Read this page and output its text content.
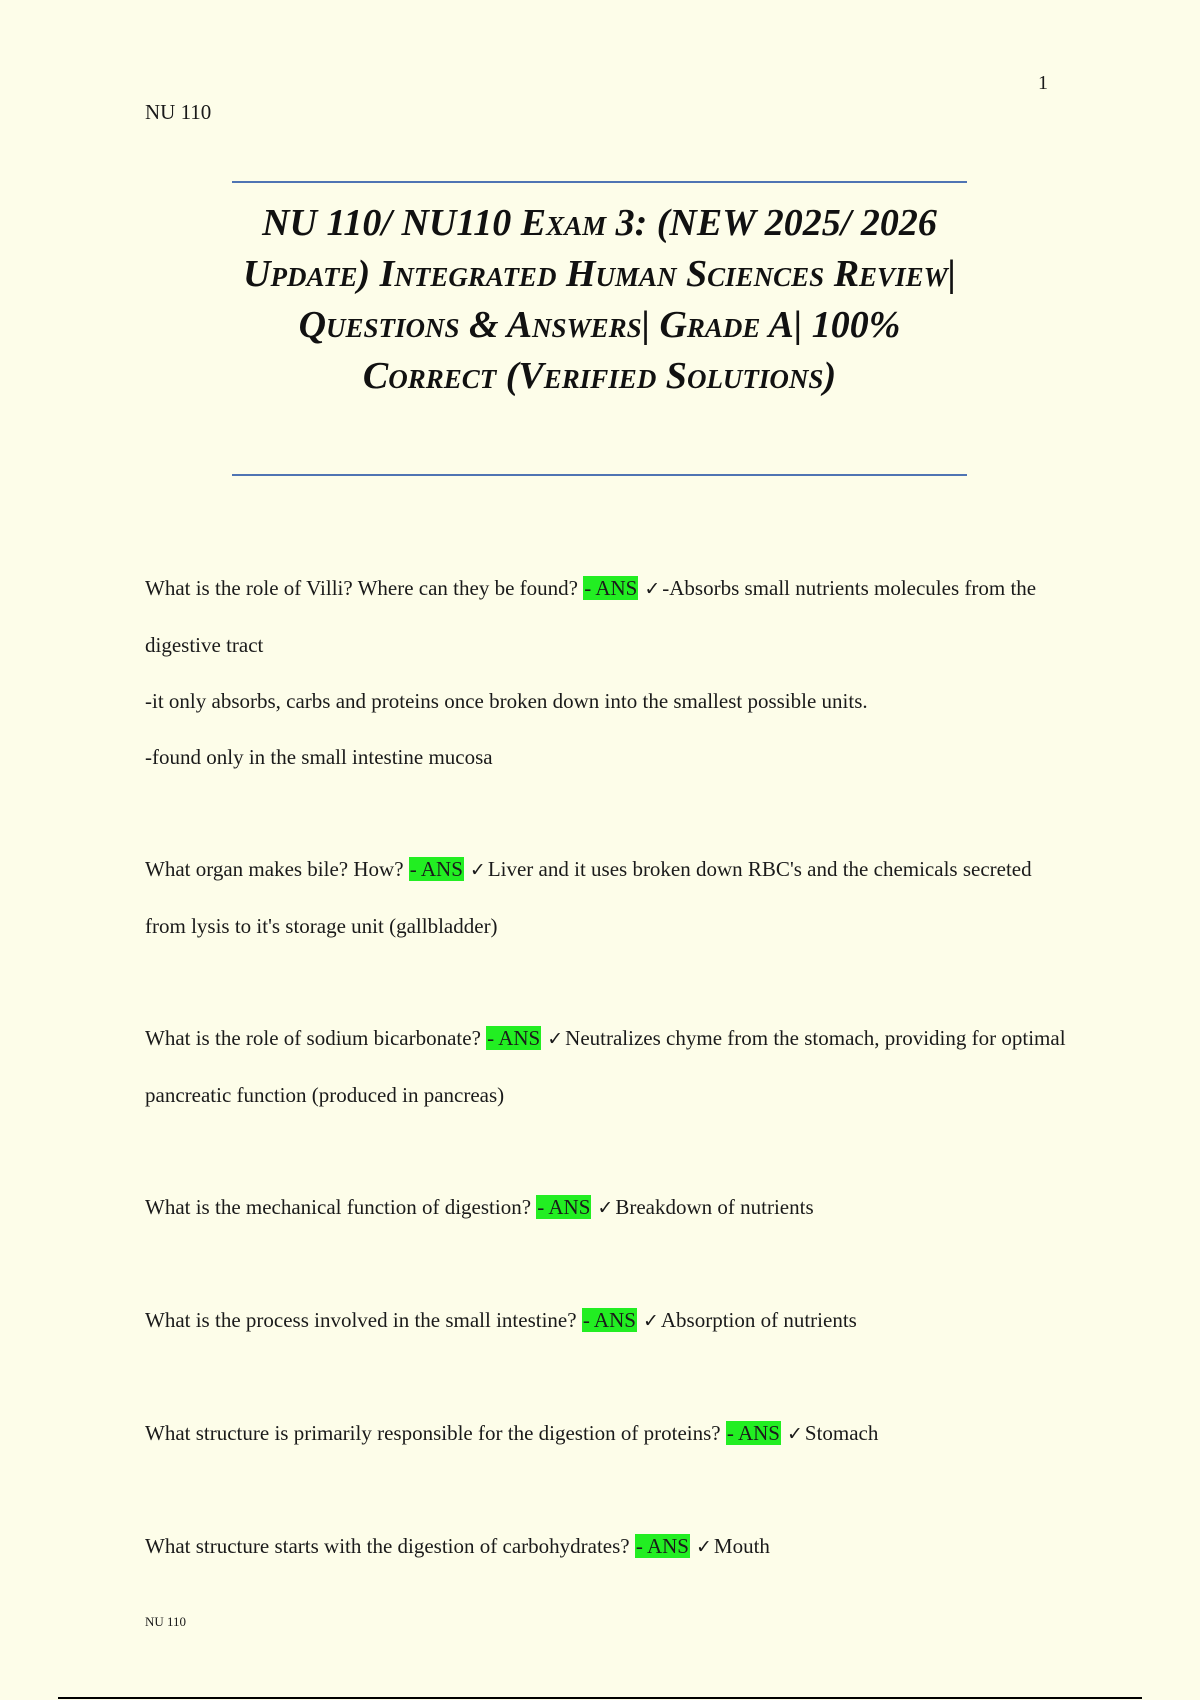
1
NU 110
NU 110/ NU110 Exam 3: (NEW 2025/ 2026 Update) Integrated Human Sciences Review| Questions & Answers| Grade A| 100% Correct (Verified Solutions)
What is the role of Villi? Where can they be found? - ANS ✓-Absorbs small nutrients molecules from the digestive tract
-it only absorbs, carbs and proteins once broken down into the smallest possible units.
-found only in the small intestine mucosa
What organ makes bile? How? - ANS ✓Liver and it uses broken down RBC's and the chemicals secreted from lysis to it's storage unit (gallbladder)
What is the role of sodium bicarbonate? - ANS ✓Neutralizes chyme from the stomach, providing for optimal pancreatic function (produced in pancreas)
What is the mechanical function of digestion? - ANS ✓Breakdown of nutrients
What is the process involved in the small intestine? - ANS ✓Absorption of nutrients
What structure is primarily responsible for the digestion of proteins? - ANS ✓Stomach
What structure starts with the digestion of carbohydrates? - ANS ✓Mouth
NU 110
